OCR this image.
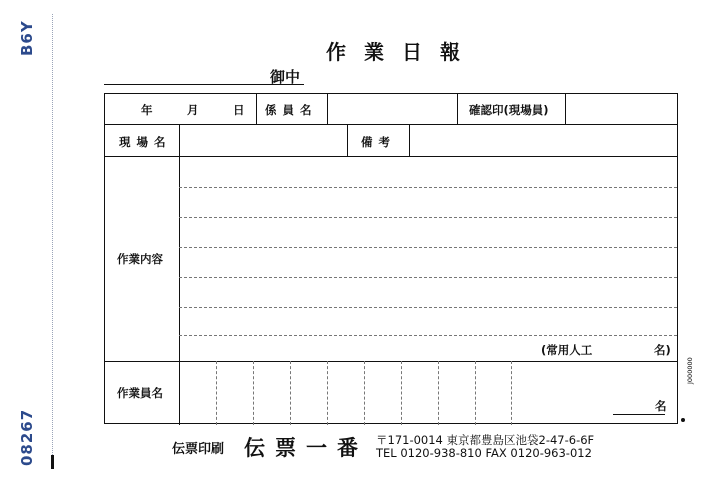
B6Y
08267
作業日報
御中
年	月	日 係員名	確認印(現場員)
現場名	備考
作業内容
(常用人工	名)
作業員名
名
J000000
伝票印刷 伝票一番 〒171-0014 東京都豊島区池袋2-47-6-6F
TEL 0120-938-810 FAX 0120-963-012
